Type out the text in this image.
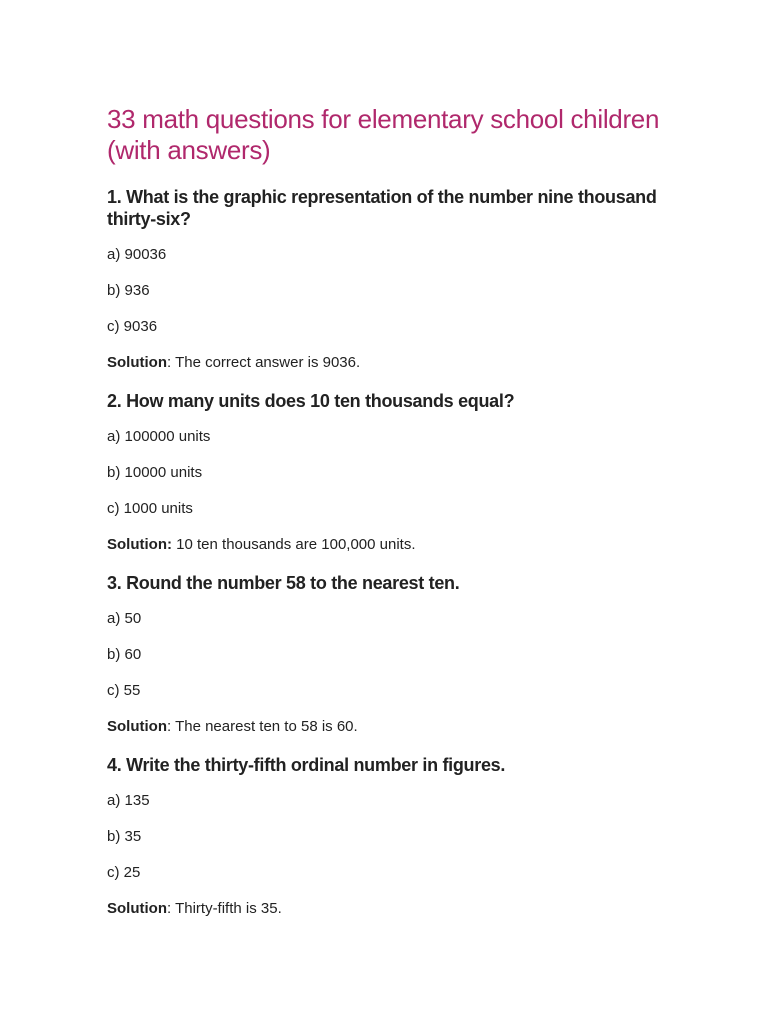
33 math questions for elementary school children (with answers)
1. What is the graphic representation of the number nine thousand thirty-six?
a) 90036
b) 936
c) 9036
Solution: The correct answer is 9036.
2. How many units does 10 ten thousands equal?
a) 100000 units
b) 10000 units
c) 1000 units
Solution: 10 ten thousands are 100,000 units.
3. Round the number 58 to the nearest ten.
a) 50
b) 60
c) 55
Solution: The nearest ten to 58 is 60.
4. Write the thirty-fifth ordinal number in figures.
a) 135
b) 35
c) 25
Solution: Thirty-fifth is 35.
